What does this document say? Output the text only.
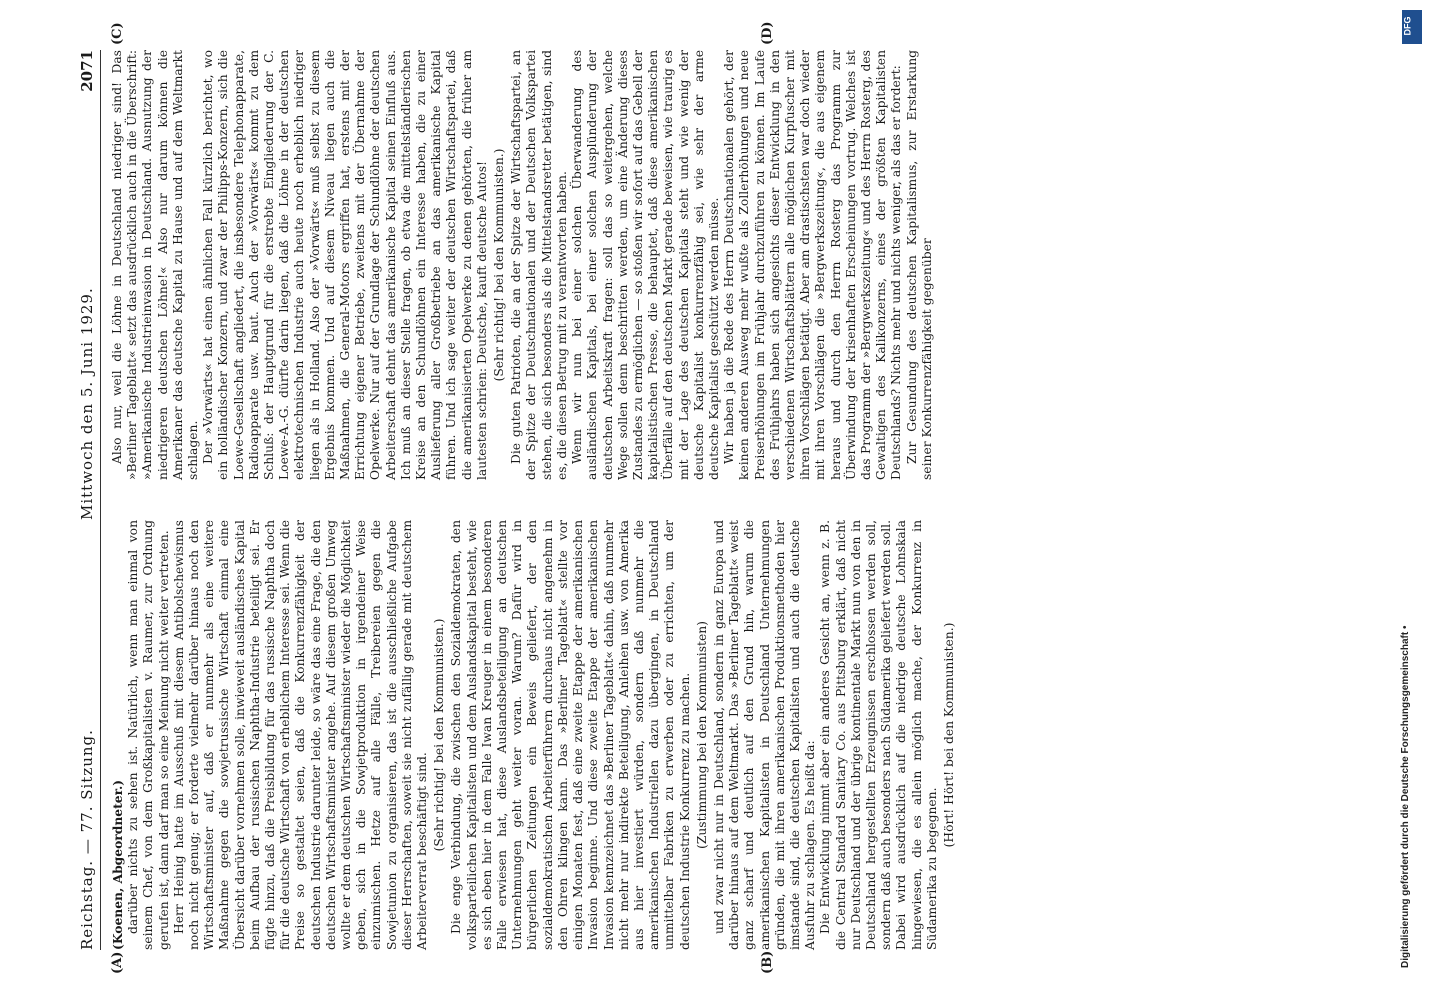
Reichstag. — 77. Sitzung.
Mittwoch den 5. Juni 1929.
2071
(A)	(B)
(C)	(D)

(Koenen, Abgeordneter.) darüber nichts zu sehen ist. Natürlich, wenn man einmal von seinem Chef, von dem Großkapitalisten v. Raumer, zur Ordnung gerufen ist, dann darf man so eine Meinung nicht weiter vertreten. Herr Heinig hatte im Ausschuß mit diesem Antibolschewismus noch nicht genug; er forderte vielmehr darüber hinaus noch den Wirtschaftsminister auf, daß er nunmehr als eine weitere Maßnahme gegen die sowjetrussische Wirtschaft einmal eine Übersicht darüber vornehmen solle, inwieweit ausländisches Kapital beim Aufbau der russischen Naphtha-Industrie beteiligt sei. Er fügte hinzu, daß die Preisbildung für das russische Naphtha doch für die deutsche Wirtschaft von erheblichem Interesse sei. Wenn die Preise so gestaltet seien, daß die Konkurrenzfähigkeit der deutschen Industrie darunter leide, so wäre das eine Frage, die den deutschen Wirtschaftsminister angehe. Auf diesem großen Umweg wollte er dem deutschen Wirtschaftsminister wieder die Möglichkeit geben, sich in die Sowjetproduktion in irgendeiner Weise einzumischen. Hetze auf alle Fälle, Treibereien gegen die Sowjetunion zu organisieren, das ist die ausschließliche Aufgabe dieser Herrschaften, soweit sie nicht zufällig gerade mit deutschem Arbeiterverrat beschäftigt sind. (Sehr richtig! bei den Kommunisten.) Die enge Verbindung, die zwischen den Sozialdemokraten, den volksparteilichen Kapitalisten und dem Auslandskapital besteht, wie es sich eben hier in dem Falle Iwan Kreuger in einem besonderen Falle erwiesen hat, diese Auslandsbeteiligung an deutschen Unternehmungen geht weiter voran. Warum? Dafür wird in bürgerlichen Zeitungen ein Beweis geliefert, der den sozialdemokratischen Arbeiterführern durchaus nicht angenehm in den Ohren klingen kann. Das »Berliner Tageblatt« stellte vor einigen Monaten fest, daß eine zweite Etappe der amerikanischen Invasion beginne. Und diese zweite Etappe der amerikanischen Invasion kennzeichnet das »Berliner Tageblatt« dahin, daß nunmehr nicht mehr nur indirekte Beteiligung, Anleihen usw. von Amerika aus hier investiert würden, sondern daß nunmehr die amerikanischen Industriellen dazu übergingen, in Deutschland unmittelbar Fabriken zu erwerben oder zu errichten, um der deutschen Industrie Konkurrenz zu machen. (Zustimmung bei den Kommunisten) und zwar nicht nur in Deutschland, sondern in ganz Europa und darüber hinaus auf dem Weltmarkt. Das »Berliner Tageblatt« weist ganz scharf und deutlich auf den Grund hin, warum die amerikanischen Kapitalisten in Deutschland Unternehmungen gründen, die mit ihren amerikanischen Produktionsmethoden hier imstande sind, die deutschen Kapitalisten und auch die deutsche Ausfuhr zu schlagen. Es heißt da: Die Entwicklung nimmt aber ein anderes Gesicht an, wenn z. B. die Central Standard Sanitary Co. aus Pittsburg erklärt, daß nicht nur Deutschland und der übrige kontinentale Markt nun von den in Deutschland hergestellten Erzeugnissen erschlossen werden soll, sondern daß auch besonders nach Südamerika geliefert werden soll. Dabei wird ausdrücklich auf die niedrige deutsche Lohnskala hingewiesen, die es allein möglich mache, der Konkurrenz in Südamerika zu begegnen.

(Hört! Hört! bei den Kommunisten.)

Also nur, weil die Löhne in Deutschland niedriger sind! Das »Berliner Tageblatt« setzt das ausdrücklich auch in die Überschrift: »Amerikanische Industrieinvasion in Deutschland. Ausnutzung der niedrigeren deutschen Löhne!« Also nur darum können die Amerikaner das deutsche Kapital zu Hause und auf dem Weltmarkt schlagen. Der »Vorwärts« hat einen ähnlichen Fall kürzlich berichtet, wo ein holländischer Konzern, und zwar der Philipps-Konzern, sich die Loewe-Gesellschaft angliedert, die insbesondere Telephonapparate, Radioapparate usw. baut. Auch der »Vorwärts« kommt zu dem Schluß: der Hauptgrund für die erstrebte Eingliederung der C. Loewe-A.-G. dürfte darin liegen, daß die Löhne in der deutschen elektrotechnischen Industrie auch heute noch erheblich niedriger liegen als in Holland. Also der »Vorwärts« muß selbst zu diesem Ergebnis kommen. Und auf diesem Niveau liegen auch die Maßnahmen, die General-Motors ergriffen hat, erstens mit der Errichtung eigener Betriebe, zweitens mit der Übernahme der Opelwerke. Nur auf der Grundlage der Schundlöhne der deutschen Arbeiterschaft dehnt das amerikanische Kapital seinen Einfluß aus. Ich muß an dieser Stelle fragen, ob etwa die mittelständlerischen Kreise an den Schundlöhnen ein Interesse haben, die zu einer Auslieferung aller Großbetriebe an das amerikanische Kapital führen. Und ich sage weiter der deutschen Wirtschaftspartei, daß die amerikanisierten Opelwerke zu denen gehörten, die früher am lautesten schrien: Deutsche, kauft deutsche Autos! (Sehr richtig! bei den Kommunisten.) Die guten Patrioten, die an der Spitze der Wirtschaftspartei, an der Spitze der Deutschnationalen und der Deutschen Volkspartei stehen, die sich besonders als die Mittelstandsretter betätigen, sind es, die diesen Betrug mit zu verantworten haben. Wenn wir nun bei einer solchen Überwanderung des ausländischen Kapitals, bei einer solchen Ausplünderung der deutschen Arbeitskraft fragen: soll das so weitergehen, welche Wege sollen denn beschritten werden, um eine Änderung dieses Zustandes zu ermöglichen — so stoßen wir sofort auf das Gebell der kapitalistischen Presse, die behauptet, daß diese amerikanischen Überfälle auf den deutschen Markt gerade beweisen, wie traurig es mit der Lage des deutschen Kapitals steht und wie wenig der deutsche Kapitalist konkurrenzfähig sei, wie sehr der arme deutsche Kapitalist geschützt werden müsse. Wir haben ja die Rede des Herrn Deutschnationalen gehört, der keinen anderen Ausweg mehr wußte als Zollerhöhungen und neue Preiserhöhungen im Frühjahr durchzuführen zu können. Im Laufe des Frühjahrs haben sich angesichts dieser Entwicklung in den verschiedenen Wirtschaftsblättern alle möglichen Kurpfuscher mit ihren Vorschlägen betätigt. Aber am drastischsten war doch wieder mit ihren Vorschlägen die »Bergwerkszeitung«, die aus eigenem heraus und durch den Herrn Rosterg das Programm zur Überwindung der krisenhaften Erscheinungen vortrug. Welches ist das Programm der »Bergwerkszeitung« und des Herrn Rosterg, des Gewaltigen des Kalikonzerns, eines der größten Kapitalisten Deutschlands? Nichts mehr und nichts weniger, als das er fordert: Zur Gesundung des deutschen Kapitalismus, zur Erstarkung seiner Konkurrenzfähigkeit gegenüber

DFG
Digitalisierung gefördert durch die Deutsche Forschungsgemeinschaft •
